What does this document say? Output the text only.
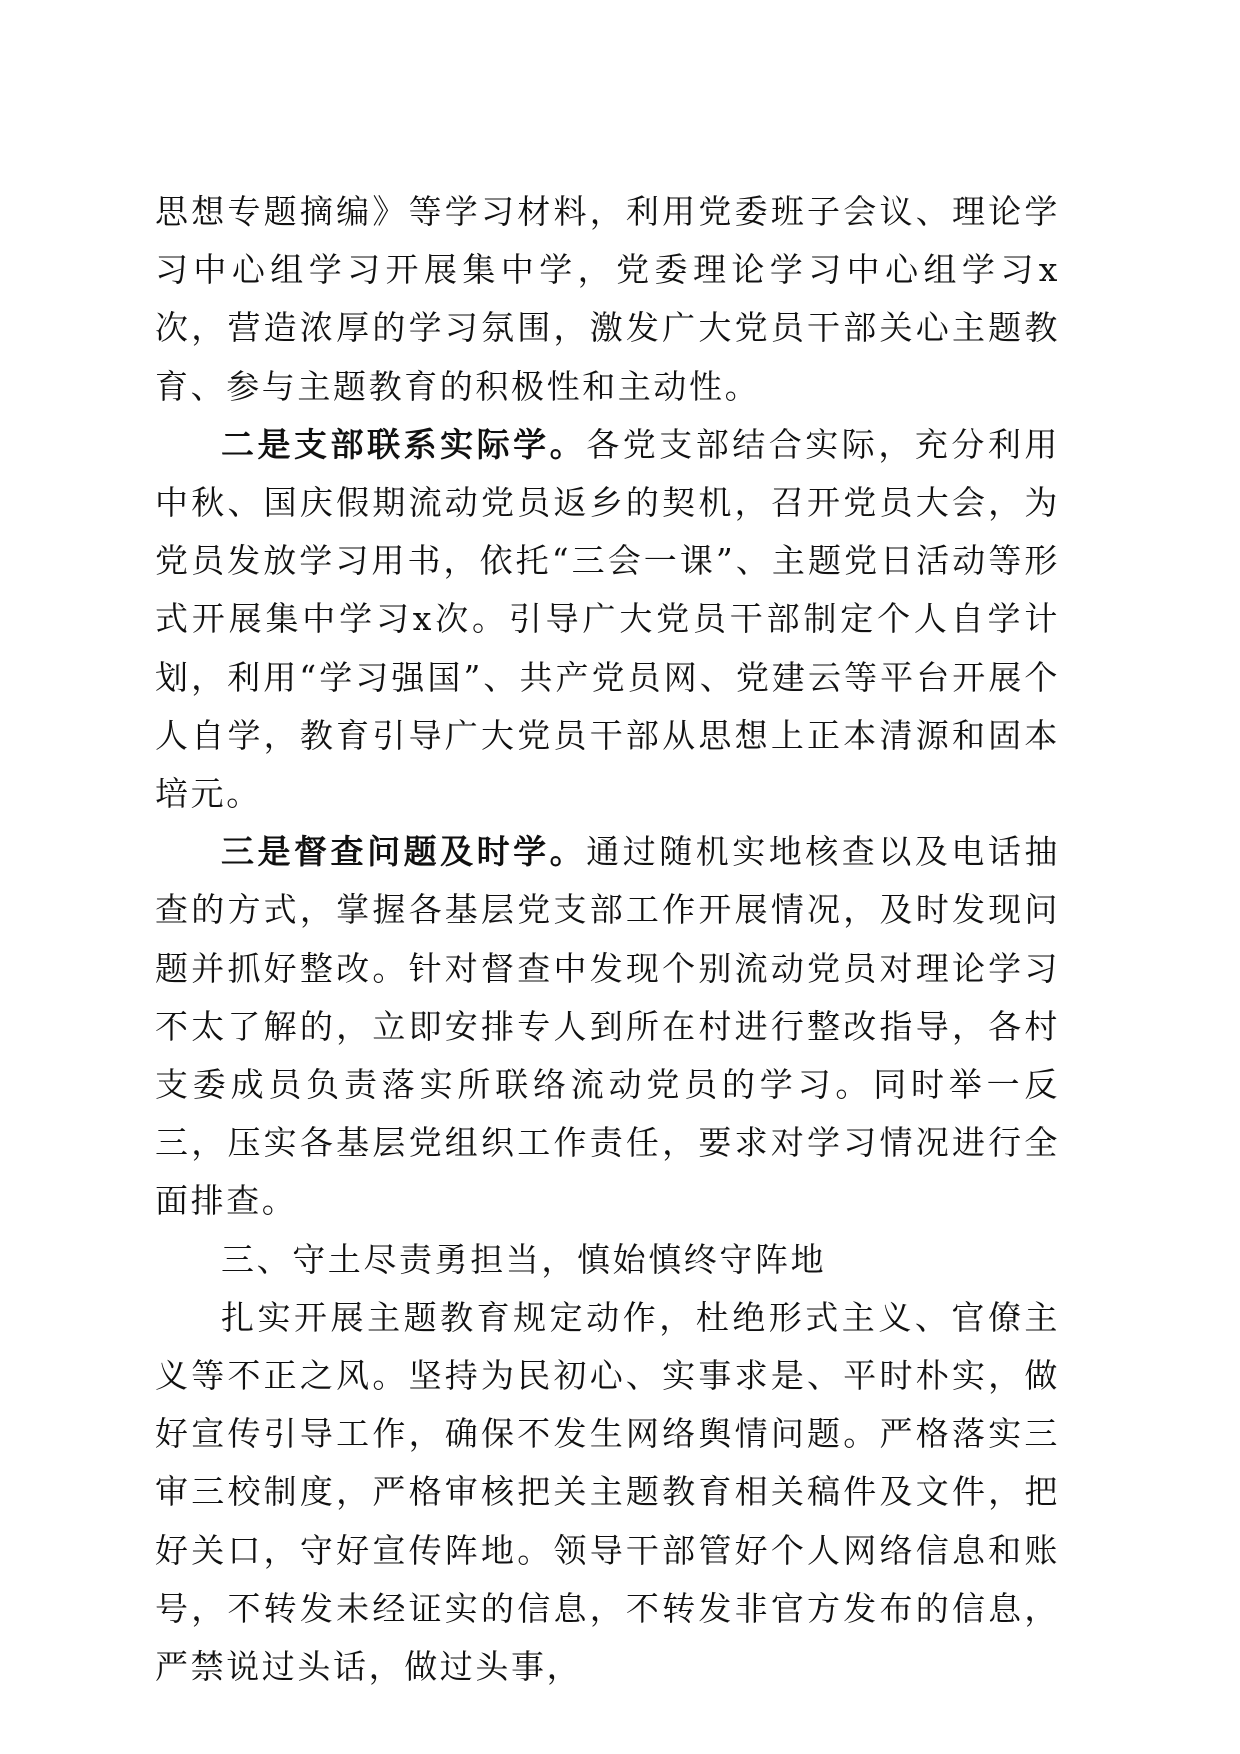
思想专题摘编》等学习材料，利用党委班子会议、理论学习中心组学习开展集中学，党委理论学习中心组学习x次，营造浓厚的学习氛围，激发广大党员干部关心主题教育、参与主题教育的积极性和主动性。

二是支部联系实际学。各党支部结合实际，充分利用中秋、国庆假期流动党员返乡的契机，召开党员大会，为党员发放学习用书，依托“三会一课”、主题党日活动等形式开展集中学习x次。引导广大党员干部制定个人自学计划，利用“学习强国”、共产党员网、党建云等平台开展个人自学，教育引导广大党员干部从思想上正本清源和固本培元。

三是督查问题及时学。通过随机实地核查以及电话抽查的方式，掌握各基层党支部工作开展情况，及时发现问题并抓好整改。针对督查中发现个别流动党员对理论学习不太了解的，立即安排专人到所在村进行整改指导，各村支委成员负责落实所联络流动党员的学习。同时举一反三，压实各基层党组织工作责任，要求对学习情况进行全面排查。

三、守土尽责勇担当，慎始慎终守阵地

扎实开展主题教育规定动作，杜绝形式主义、官僚主义等不正之风。坚持为民初心、实事求是、平时朴实，做好宣传引导工作，确保不发生网络舆情问题。严格落实三审三校制度，严格审核把关主题教育相关稿件及文件，把好关口，守好宣传阵地。领导干部管好个人网络信息和账号，不转发未经证实的信息，不转发非官方发布的信息，严禁说过头话，做过头事，
